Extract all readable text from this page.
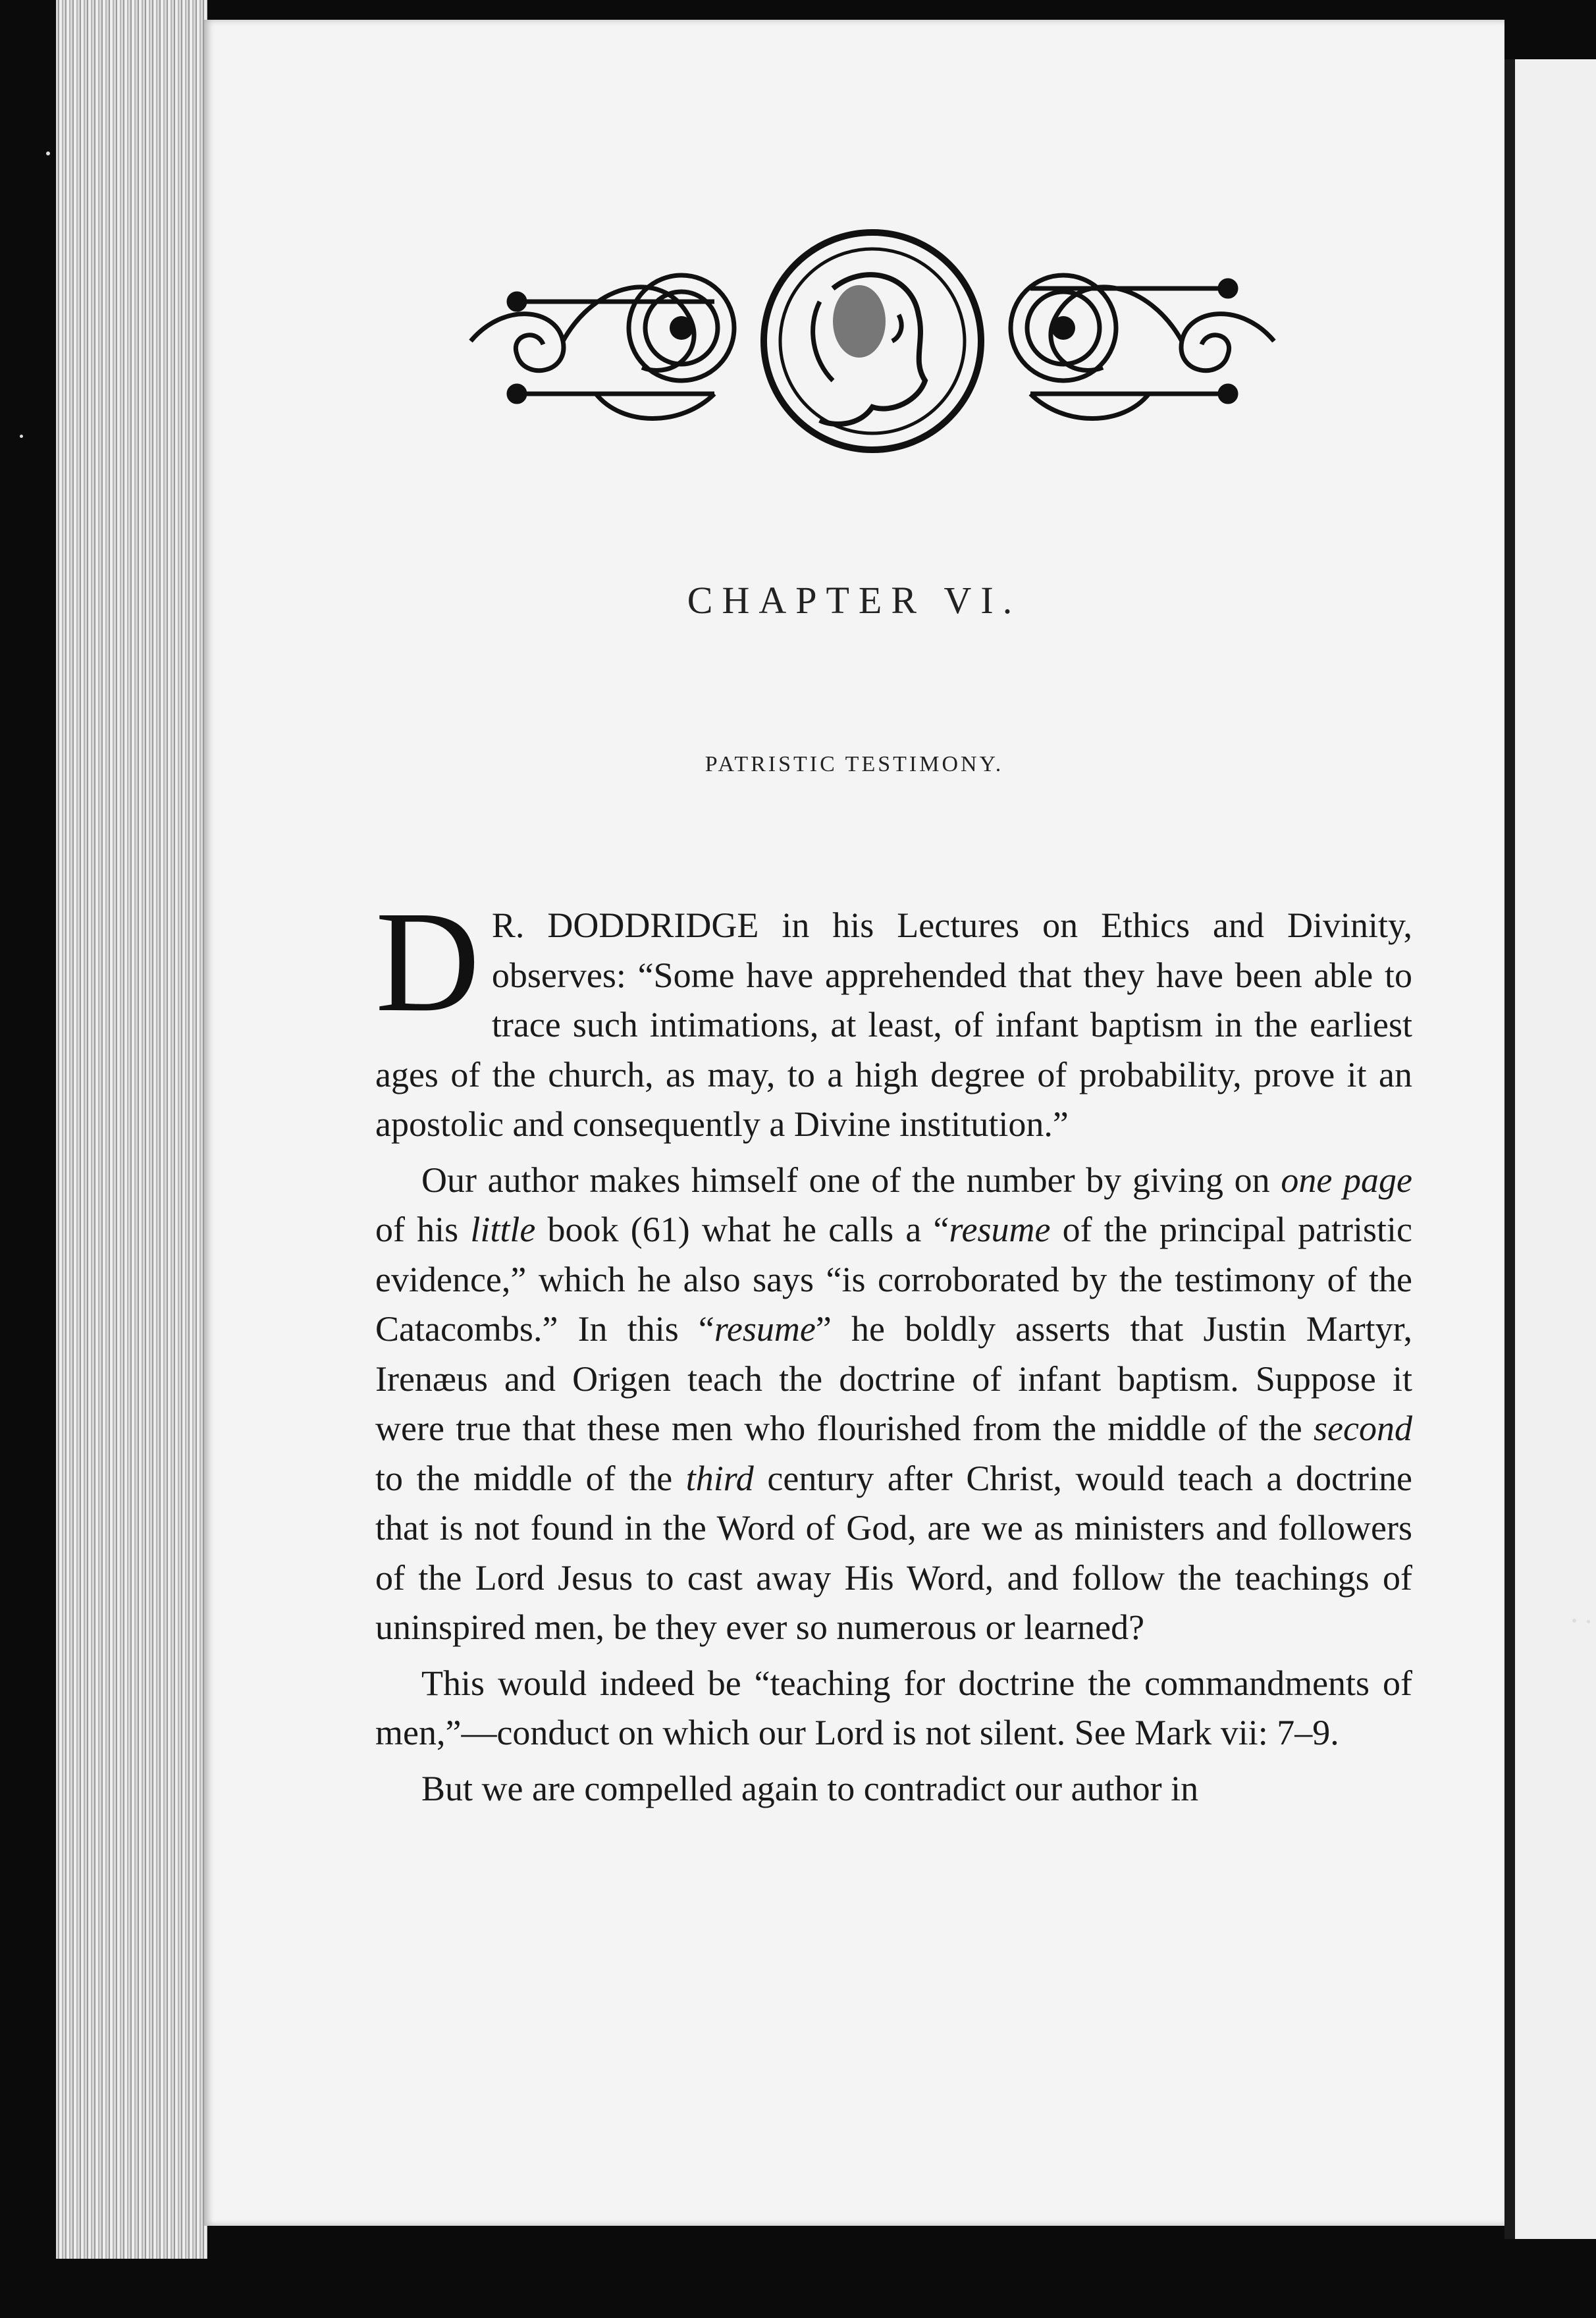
CHAPTER VI.
PATRISTIC TESTIMONY.

D R. DODDRIDGE in his Lectures on Ethics and Divinity, observes: “Some have apprehended that they have been able to trace such intimations, at least, of infant baptism in the earliest ages of the church, as may, to a high degree of probability, prove it an apostolic and consequently a Divine institution.”

Our author makes himself one of the number by giving on one page of his little book (61) what he calls a “resume of the principal patristic evidence,” which he also says “is corroborated by the testimony of the Catacombs.” In this “resume” he boldly asserts that Justin Martyr, Irenæus and Origen teach the doctrine of infant baptism. Suppose it were true that these men who flourished from the middle of the second to the middle of the third century after Christ, would teach a doctrine that is not found in the Word of God, are we as ministers and followers of the Lord Jesus to cast away His Word, and follow the teachings of uninspired men, be they ever so numerous or learned?

This would indeed be “teaching for doctrine the commandments of men,”—conduct on which our Lord is not silent. See Mark vii: 7–9.

But we are compelled again to contradict our author in
